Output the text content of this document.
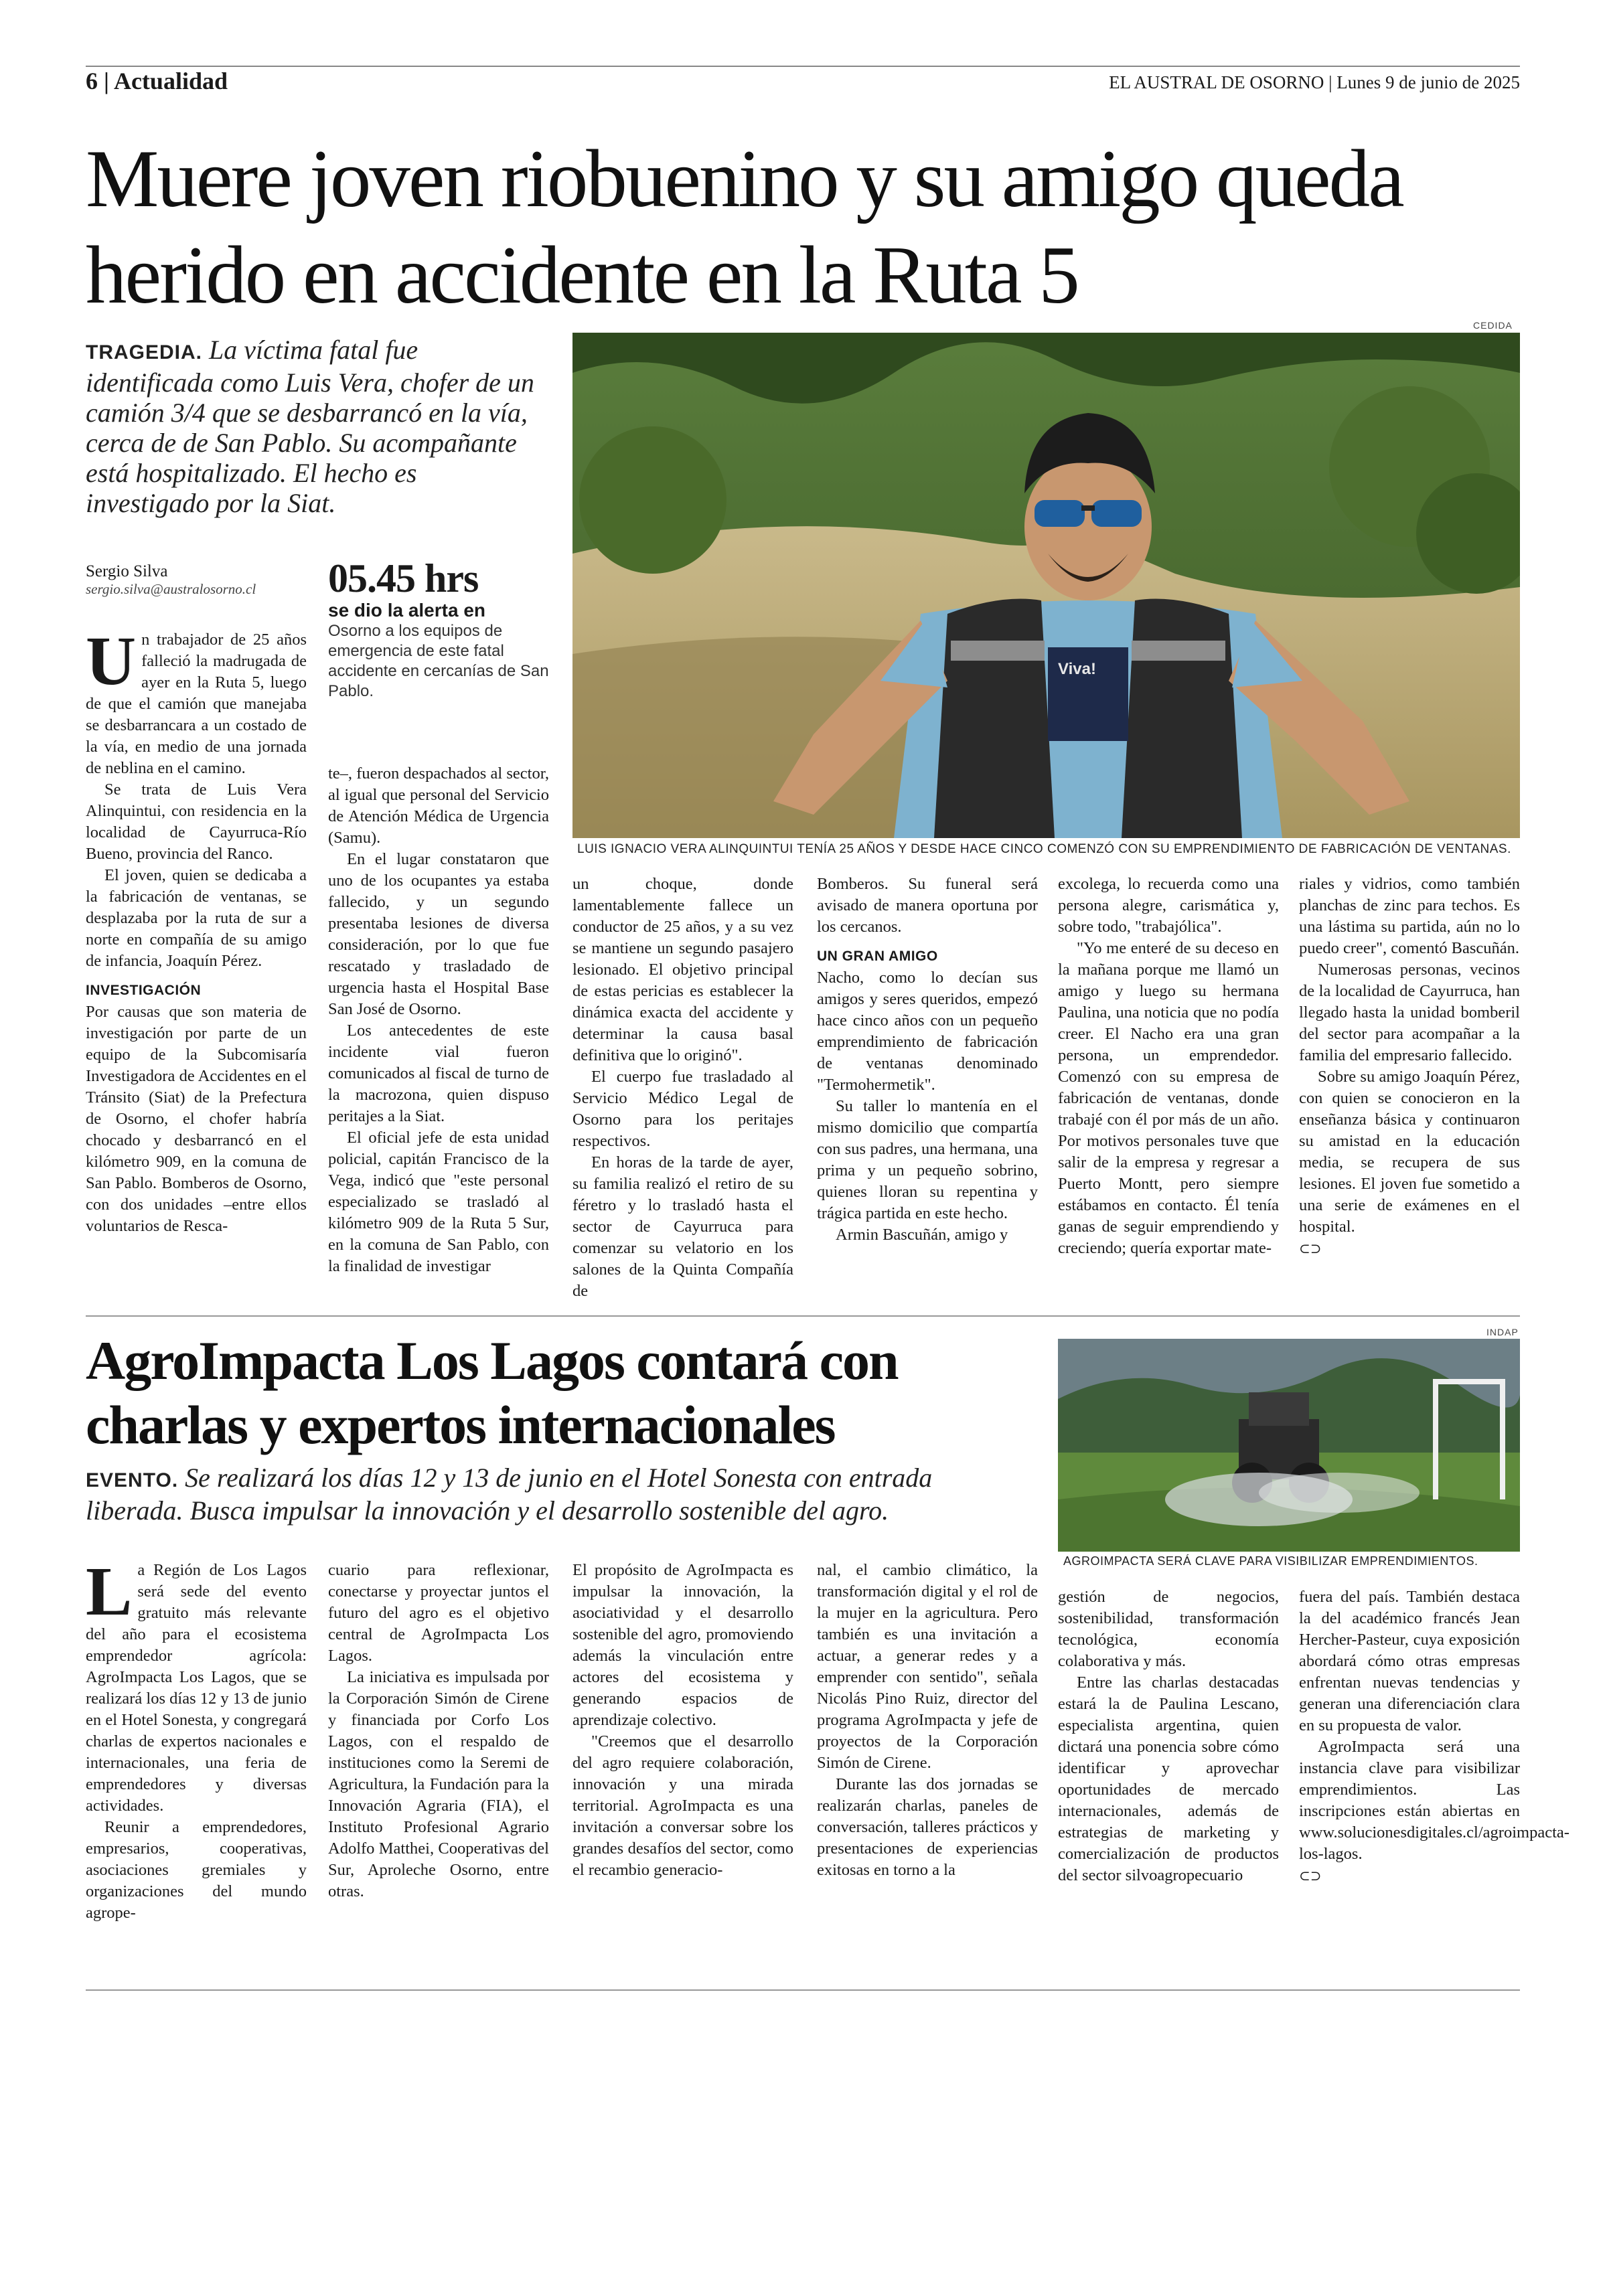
6 | Actualidad	EL AUSTRAL DE OSORNO | Lunes 9 de junio de 2025
Muere joven riobuenino y su amigo queda herido en accidente en la Ruta 5
TRAGEDIA. La víctima fatal fue identificada como Luis Vera, chofer de un camión 3/4 que se desbarrancó en la vía, cerca de de San Pablo. Su acompañante está hospitalizado. El hecho es investigado por la Siat.
CEDIDA
Viva!
LUIS IGNACIO VERA ALINQUINTUI TENÍA 25 AÑOS Y DESDE HACE CINCO COMENZÓ CON SU EMPRENDIMIENTO DE FABRICACIÓN DE VENTANAS.
Sergio Silva
sergio.silva@australosorno.cl	05.45 hrs
se dio la alerta en
Osorno a los equipos de emergencia de este fatal accidente en cercanías de San Pablo.

Un trabajador de 25 años falleció la madrugada de ayer en la Ruta 5, luego de que el camión que manejaba se desbarrancara a un costado de la vía, en medio de una jornada de neblina en el camino.

Se trata de Luis Vera Alinquintui, con residencia en la localidad de Cayurruca-Río Bueno, provincia del Ranco.

El joven, quien se dedicaba a la fabricación de ventanas, se desplazaba por la ruta de sur a norte en compañía de su amigo de infancia, Joaquín Pérez.

INVESTIGACIÓN

Por causas que son materia de investigación por parte de un equipo de la Subcomisaría Investigadora de Accidentes en el Tránsito (Siat) de la Prefectura de Osorno, el chofer habría chocado y desbarrancó en el kilómetro 909, en la comuna de San Pablo. Bomberos de Osorno, con dos unidades –entre ellos voluntarios de Resca-

te–, fueron despachados al sector, al igual que personal del Servicio de Atención Médica de Urgencia (Samu).

En el lugar constataron que uno de los ocupantes ya estaba fallecido, y un segundo presentaba lesiones de diversa consideración, por lo que fue rescatado y trasladado de urgencia hasta el Hospital Base San José de Osorno.

Los antecedentes de este incidente vial fueron comunicados al fiscal de turno de la macrozona, quien dispuso peritajes a la Siat.

El oficial jefe de esta unidad policial, capitán Francisco de la Vega, indicó que "este personal especializado se trasladó al kilómetro 909 de la Ruta 5 Sur, en la comuna de San Pablo, con la finalidad de investigar

un choque, donde lamentablemente fallece un conductor de 25 años, y a su vez se mantiene un segundo pasajero lesionado. El objetivo principal de estas pericias es establecer la dinámica exacta del accidente y determinar la causa basal definitiva que lo originó".

El cuerpo fue trasladado al Servicio Médico Legal de Osorno para los peritajes respectivos.

En horas de la tarde de ayer, su familia realizó el retiro de su féretro y lo trasladó hasta el sector de Cayurruca para comenzar su velatorio en los salones de la Quinta Compañía de

Bomberos. Su funeral será avisado de manera oportuna por los cercanos.

UN GRAN AMIGO

Nacho, como lo decían sus amigos y seres queridos, empezó hace cinco años con un pequeño emprendimiento de fabricación de ventanas denominado "Termohermetik".

Su taller lo mantenía en el mismo domicilio que compartía con sus padres, una hermana, una prima y un pequeño sobrino, quienes lloran su repentina y trágica partida en este hecho.

Armin Bascuñán, amigo y

excolega, lo recuerda como una persona alegre, carismática y, sobre todo, "trabajólica".

"Yo me enteré de su deceso en la mañana porque me llamó un amigo y luego su hermana Paulina, una noticia que no podía creer. El Nacho era una gran persona, un emprendedor. Comenzó con su empresa de fabricación de ventanas, donde trabajé con él por más de un año. Por motivos personales tuve que salir de la empresa y regresar a Puerto Montt, pero siempre estábamos en contacto. Él tenía ganas de seguir emprendiendo y creciendo; quería exportar mate-

riales y vidrios, como también planchas de zinc para techos. Es una lástima su partida, aún no lo puedo creer", comentó Bascuñán.

Numerosas personas, vecinos de la localidad de Cayurruca, han llegado hasta la unidad bomberil del sector para acompañar a la familia del empresario fallecido.

Sobre su amigo Joaquín Pérez, con quien se conocieron en la enseñanza básica y continuaron su amistad en la educación media, se recupera de sus lesiones. El joven fue sometido a una serie de exámenes en el hospital.

⊂⊃
AgroImpacta Los Lagos contará con charlas y expertos internacionales
EVENTO. Se realizará los días 12 y 13 de junio en el Hotel Sonesta con entrada liberada. Busca impulsar la innovación y el desarrollo sostenible del agro.
INDAP
AGROIMPACTA SERÁ CLAVE PARA VISIBILIZAR EMPRENDIMIENTOS.

La Región de Los Lagos será sede del evento gratuito más relevante del año para el ecosistema emprendedor agrícola: AgroImpacta Los Lagos, que se realizará los días 12 y 13 de junio en el Hotel Sonesta, y congregará charlas de expertos nacionales e internacionales, una feria de emprendedores y diversas actividades.

Reunir a emprendedores, empresarios, cooperativas, asociaciones gremiales y organizaciones del mundo agrope-

cuario para reflexionar, conectarse y proyectar juntos el futuro del agro es el objetivo central de AgroImpacta Los Lagos.

La iniciativa es impulsada por la Corporación Simón de Cirene y financiada por Corfo Los Lagos, con el respaldo de instituciones como la Seremi de Agricultura, la Fundación para la Innovación Agraria (FIA), el Instituto Profesional Agrario Adolfo Matthei, Cooperativas del Sur, Aproleche Osorno, entre otras.

El propósito de AgroImpacta es impulsar la innovación, la asociatividad y el desarrollo sostenible del agro, promoviendo además la vinculación entre actores del ecosistema y generando espacios de aprendizaje colectivo.

"Creemos que el desarrollo del agro requiere colaboración, innovación y una mirada territorial. AgroImpacta es una invitación a conversar sobre los grandes desafíos del sector, como el recambio generacio-

nal, el cambio climático, la transformación digital y el rol de la mujer en la agricultura. Pero también es una invitación a actuar, a generar redes y a emprender con sentido", señala Nicolás Pino Ruiz, director del programa AgroImpacta y jefe de proyectos de la Corporación Simón de Cirene.

Durante las dos jornadas se realizarán charlas, paneles de conversación, talleres prácticos y presentaciones de experiencias exitosas en torno a la

gestión de negocios, sostenibilidad, transformación tecnológica, economía colaborativa y más.

Entre las charlas destacadas estará la de Paulina Lescano, especialista argentina, quien dictará una ponencia sobre cómo identificar y aprovechar oportunidades de mercado internacionales, además de estrategias de marketing y comercialización de productos del sector silvoagropecuario

fuera del país. También destaca la del académico francés Jean Hercher-Pasteur, cuya exposición abordará cómo otras empresas enfrentan nuevas tendencias y generan una diferenciación clara en su propuesta de valor.

AgroImpacta será una instancia clave para visibilizar emprendimientos. Las inscripciones están abiertas en www.solucionesdigitales.cl/agroimpacta-los-lagos.

⊂⊃
